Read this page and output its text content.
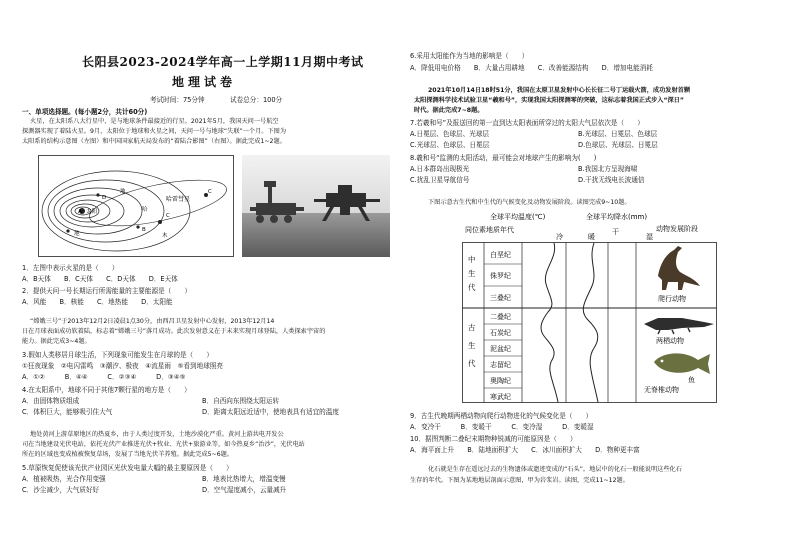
长阳县2023-2024学年高一上学期11月期中考试
地理试卷
考试时间：75分钟	试卷总分：100分
一、单项选择题。(每小题2分，共计60分)
火星，在太阳系八大行星中，是与地球条件最接近的行星。2021年5月，我国天问一号航空
探测器实现了着陆火星。9月，太阳位于地球和火星之间，天问一号与地球“失联”一个月。下图为
太阳系的结构示意图（左图）和中国国家航天局发布的“着陆合影图”（右图）。据此完成1~2题。
哈雷彗星
A
D
B
C
C
太阳
地
地
木
哈
1．左图中表示火星的是（　　）
A．B天体　　B．C天体　　C．D天体　　D．E天体
2．提供天问一号长期运行所需能量的主要能源是（　　）
A．风能　　B．核能　　C．地热能　　D．太阳能
“嫦娥三号”于2013年12月2日凌晨1点30分，由西昌卫星发射中心发射，2013年12月14
日在月球表面成功软着陆，标志着“嫦娥三号”落月成功。此次发射意义在于未来实现月球登陆，人类探索宇宙的
能力。据此完成3~4题。
3.假如人类移居月球生活，下列现象可能发生在月球的是（　　）
①狂夜现象　②电闪雷鸣　③潮汐、极夜　④流星雨　⑤看到地球照亮
A．①②　　　B．④④　　　C．②③④　　　D．③④⑤
4.在太阳系中，地球不同于其他7颗行星的地方是（　　）
A．由固体物质组成	B．自西向东围绕太阳运转
C．体积巨大，能够吸引住大气	D．距离太阳远近适中，使地表具有适宜的温度
地处黄河上游草原地区的热夏乡，由于人类过度开发，土地沙漠化严重。黄河上游共电开发公
司在当地建设光伏电站，依托光伏产业推进光伏+牧业、光伏+旅游业等，如今热夏乡“治沙”，光伏电站
所在的区域也变成植被恢复草场，发展了当地光伏羊养殖。据此完成5~6题。
5.草原恢复促使该光伏产业园区光伏发电量大幅的最主要原因是（　　）
A．植被吸热，光合作用变强	B．地表比热增大，增温变慢
C．沙尘减少，大气质好好	D．空气湿度减小，云量减升
6.采用太阳能作为当地的影响是（　　）
A．降低用电价格　　B．大量占用耕地　　C．改善能源结构　　D．增加电能消耗
2021年10月14日18时51分，我国在太原卫星发射中心长长征二号丁运载火箭，成功发射首颗
太阳探测科学技术试验卫星“羲和号”，实现我国太阳探测零的突破，这标志着我国正式步入“深日”
时代。据此完成7~8题。
7.若羲和号”及报送回的第一直到达太阳表面所穿过的太阳大气层依次是（　　）
A.日冕层、色球层、光球层	B.光球层、日冕层、色球层
C.光球层、色球层、日冕层	D.色球层、光球层、日冕层
8.羲和号“监测的太阳活动，最可能会对地球产生的影响为(　　)
A.日本群岛出现极光	B.我国北方呈现海啸
C.扰乱卫星导航信号	D.干扰无线电长波通信
下图示意古生代和中生代的气候变化及动物发展阶段。读图完成9~10题。
全球平均温度(℃)	全球平均降水(mm)
同位素地质年代
冷	暖
干
湿
动物发展阶段
中生代
古生代
白垩纪
侏罗纪
三叠纪
二叠纪
石炭纪
泥盆纪
志留纪
奥陶纪
寒武纪
爬行动物
两栖动物
鱼
无脊椎动物
9．古生代晚期两栖动物向爬行动物进化的气候变化是（　　）
A．变冷干　　　B．变暖干　　　C．变冷湿　　　D．变暖湿
10．据图判断二叠纪末期物种锐减的可能原因是（　　）
A．海平面上升　　B．陆地面积扩大　　C．冰川面积扩大　　D．物种更丰富
化石就是生存在遥远过去的生物遗体或遗迹变成的“石头”。地层中的化石一般能说明这些化石
生存的年代。下图为某地地层剖面示意图，甲为岩浆岩。读图，完成11~12题。
